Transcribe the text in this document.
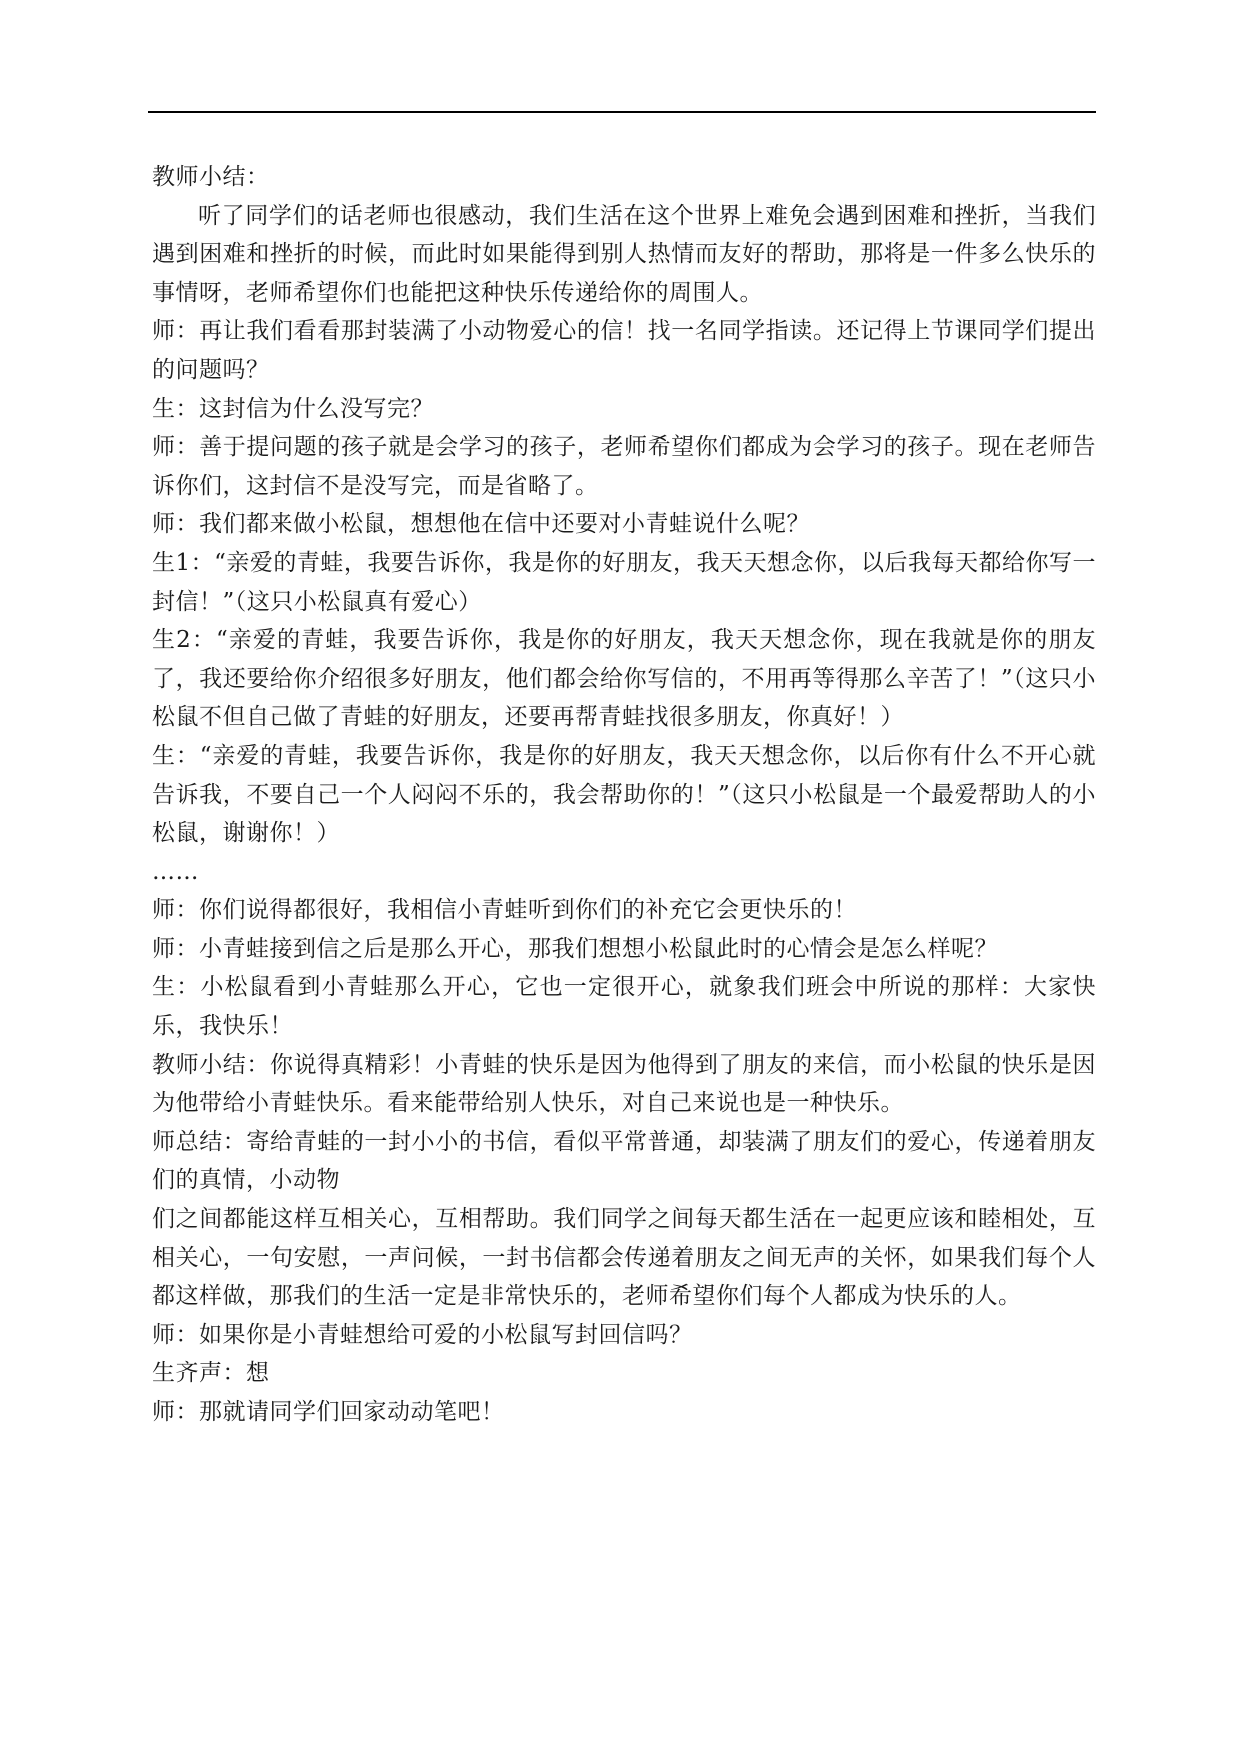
教师小结：

听了同学们的话老师也很感动，我们生活在这个世界上难免会遇到困难和挫折，当我们遇到困难和挫折的时候，而此时如果能得到别人热情而友好的帮助，那将是一件多么快乐的事情呀，老师希望你们也能把这种快乐传递给你的周围人。

师：再让我们看看那封装满了小动物爱心的信！找一名同学指读。还记得上节课同学们提出的问题吗？

生：这封信为什么没写完？

师：善于提问题的孩子就是会学习的孩子，老师希望你们都成为会学习的孩子。现在老师告诉你们，这封信不是没写完，而是省略了。

师：我们都来做小松鼠，想想他在信中还要对小青蛙说什么呢？

生1：“亲爱的青蛙，我要告诉你，我是你的好朋友，我天天想念你，以后我每天都给你写一封信！”（这只小松鼠真有爱心）

生2：“亲爱的青蛙，我要告诉你，我是你的好朋友，我天天想念你，现在我就是你的朋友了，我还要给你介绍很多好朋友，他们都会给你写信的，不用再等得那么辛苦了！”（这只小松鼠不但自己做了青蛙的好朋友，还要再帮青蛙找很多朋友，你真好！）

生：“亲爱的青蛙，我要告诉你，我是你的好朋友，我天天想念你，以后你有什么不开心就告诉我，不要自己一个人闷闷不乐的，我会帮助你的！”（这只小松鼠是一个最爱帮助人的小松鼠，谢谢你！）

……

师：你们说得都很好，我相信小青蛙听到你们的补充它会更快乐的！

师：小青蛙接到信之后是那么开心，那我们想想小松鼠此时的心情会是怎么样呢？

生：小松鼠看到小青蛙那么开心，它也一定很开心，就象我们班会中所说的那样：大家快乐，我快乐！

教师小结：你说得真精彩！小青蛙的快乐是因为他得到了朋友的来信，而小松鼠的快乐是因为他带给小青蛙快乐。看来能带给别人快乐，对自己来说也是一种快乐。

师总结：寄给青蛙的一封小小的书信，看似平常普通，却装满了朋友们的爱心，传递着朋友们的真情，小动物

们之间都能这样互相关心，互相帮助。我们同学之间每天都生活在一起更应该和睦相处，互相关心，一句安慰，一声问候，一封书信都会传递着朋友之间无声的关怀，如果我们每个人都这样做，那我们的生活一定是非常快乐的，老师希望你们每个人都成为快乐的人。

师：如果你是小青蛙想给可爱的小松鼠写封回信吗？

生齐声：想

师：那就请同学们回家动动笔吧！
